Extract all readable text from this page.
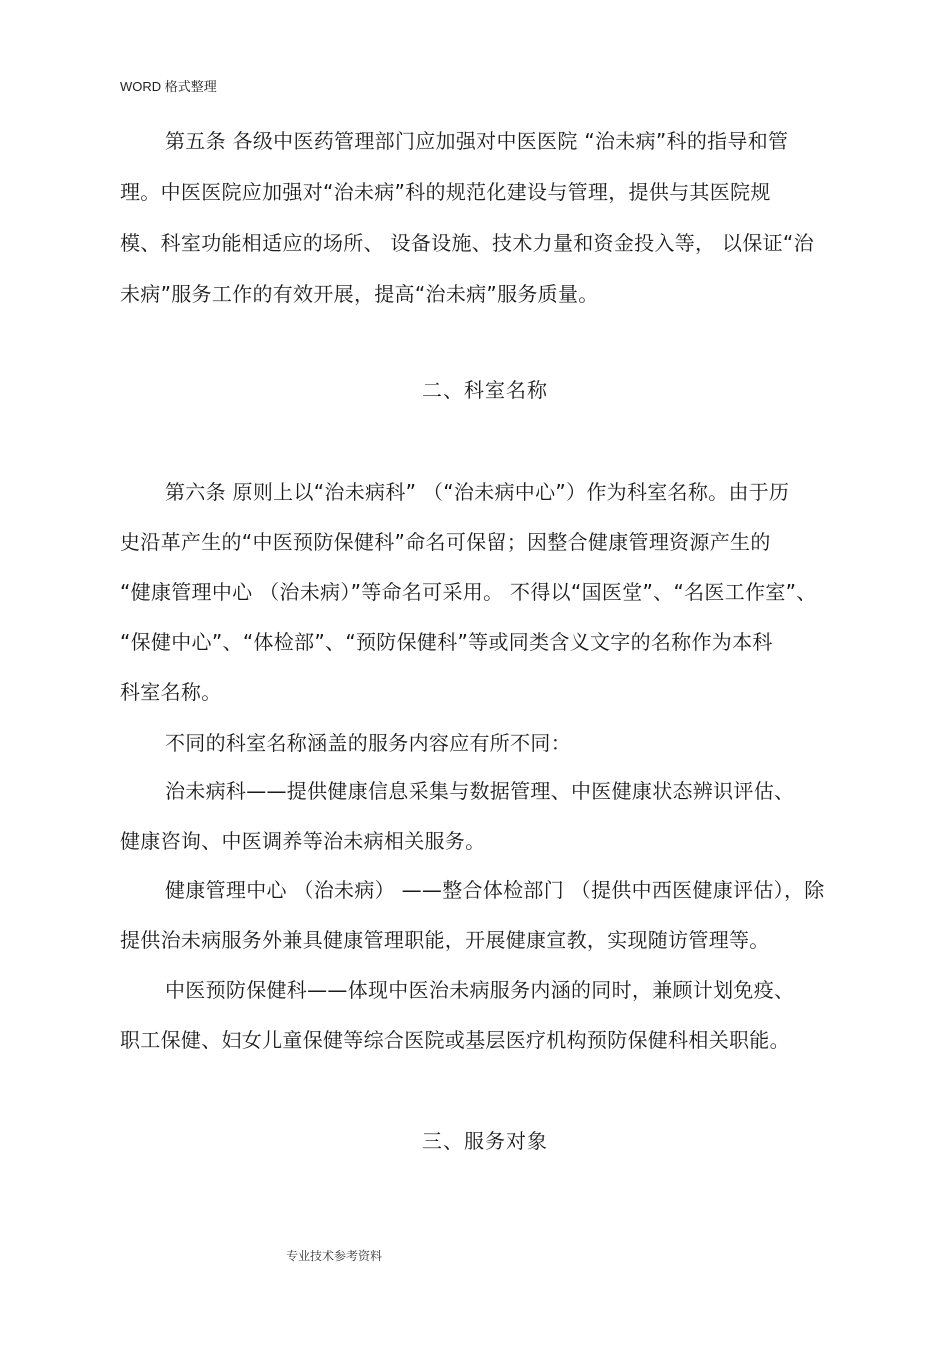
WORD 格式整理
第五条 各级中医药管理部门应加强对中医医院 “治未病”科的指导和管
理。中医医院应加强对“治未病”科的规范化建设与管理，提供与其医院规
模、科室功能相适应的场所、 设备设施、技术力量和资金投入等， 以保证“治
未病”服务工作的有效开展，提高“治未病”服务质量。
二、科室名称
第六条 原则上以“治未病科” （“治未病中心”）作为科室名称。由于历
史沿革产生的“中医预防保健科”命名可保留；因整合健康管理资源产生的
“健康管理中心 （治未病）”等命名可采用。 不得以“国医堂”、“名医工作室”、
“保健中心”、“体检部”、“预防保健科”等或同类含义文字的名称作为本科
科室名称。
不同的科室名称涵盖的服务内容应有所不同：
治未病科——提供健康信息采集与数据管理、中医健康状态辨识评估、
健康咨询、中医调养等治未病相关服务。
健康管理中心 （治未病） ——整合体检部门 （提供中西医健康评估），除
提供治未病服务外兼具健康管理职能，开展健康宣教，实现随访管理等。
中医预防保健科——体现中医治未病服务内涵的同时，兼顾计划免疫、
职工保健、妇女儿童保健等综合医院或基层医疗机构预防保健科相关职能。
三、服务对象
专业技术参考资料
